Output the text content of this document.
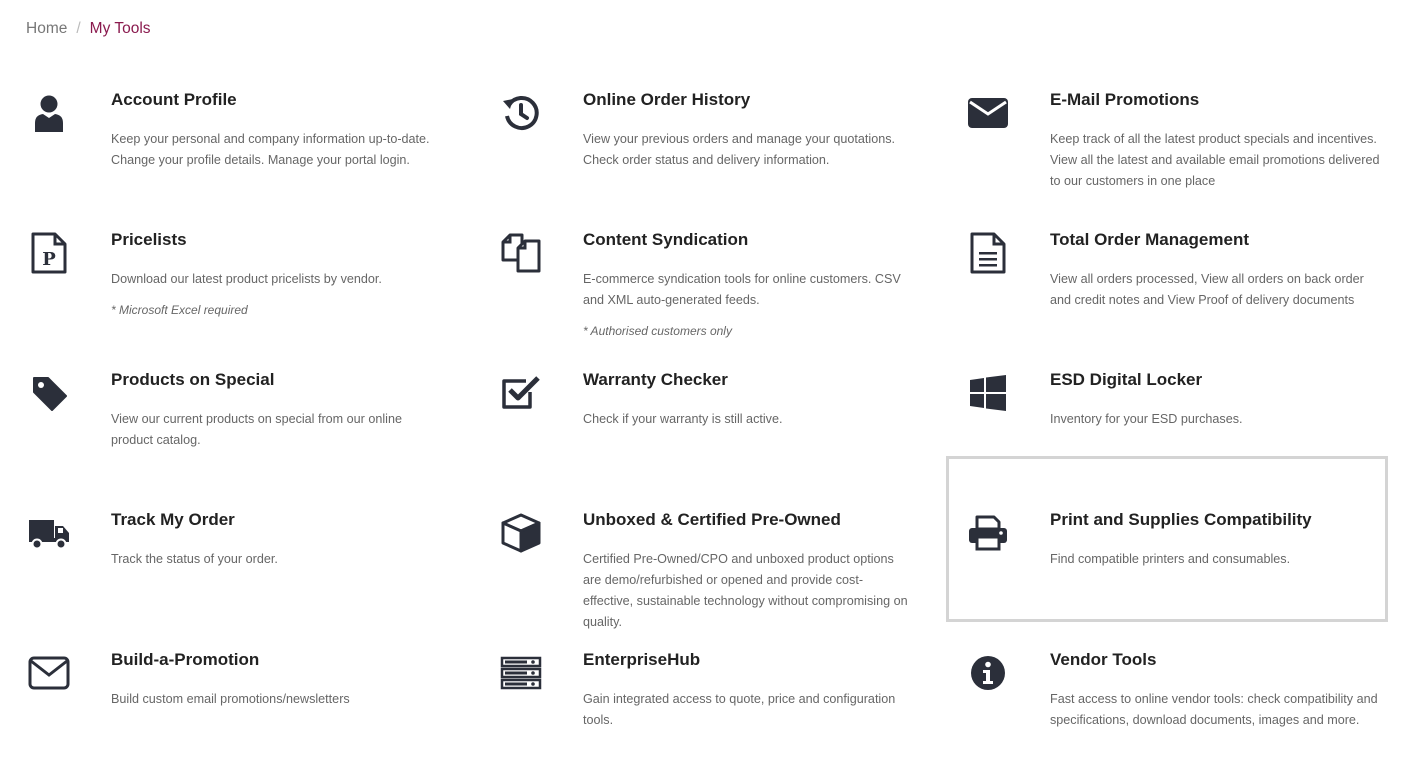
Home / My Tools
Account Profile
Keep your personal and company information up-to-date. Change your profile details. Manage your portal login.
Online Order History
View your previous orders and manage your quotations. Check order status and delivery information.
E-Mail Promotions
Keep track of all the latest product specials and incentives. View all the latest and available email promotions delivered to our customers in one place
P
Pricelists
Download our latest product pricelists by vendor.
* Microsoft Excel required
Content Syndication
E-commerce syndication tools for online customers. CSV and XML auto-generated feeds.
* Authorised customers only
Total Order Management
View all orders processed, View all orders on back order and credit notes and View Proof of delivery documents
Products on Special
View our current products on special from our online product catalog.
Warranty Checker
Check if your warranty is still active.
ESD Digital Locker
Inventory for your ESD purchases.
Track My Order
Track the status of your order.
Unboxed & Certified Pre-Owned
Certified Pre-Owned/CPO and unboxed product options are demo/refurbished or opened and provide cost-effective, sustainable technology without compromising on quality.
Print and Supplies Compatibility
Find compatible printers and consumables.
Build-a-Promotion
Build custom email promotions/newsletters
EnterpriseHub
Gain integrated access to quote, price and configuration tools.
Vendor Tools
Fast access to online vendor tools: check compatibility and specifications, download documents, images and more.
